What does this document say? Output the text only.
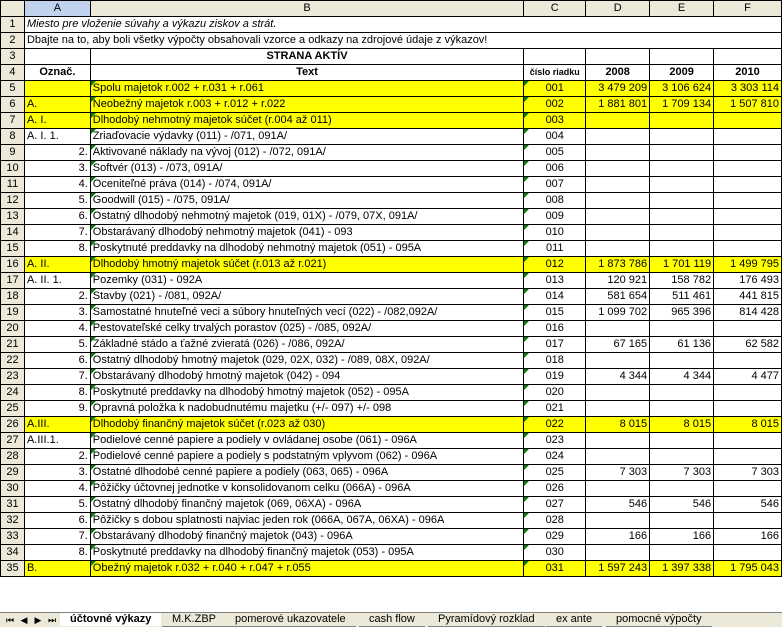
	A	B	C	D	E	F
1	Miesto pre vloženie súvahy a výkazu ziskov a strát.					
2	Dbajte na to, aby boli všetky výpočty obsahovali vzorce a odkazy na zdrojové údaje z výkazov!					
3		STRANA AKTÍV				
4	Označ.	Text	číslo riadku	2008	2009	2010
5		Spolu majetok r.002 + r.031 + r.061	001	3 479 209	3 106 624	3 303 114
6	A.	Neobežný majetok r.003 + r.012 + r.022	002	1 881 801	1 709 134	1 507 810
7	A. I.	Dlhodobý nehmotný majetok súčet (r.004 až 011)	003			
8	A. I. 1.	Zriaďovacie výdavky (011) - /071, 091A/	004			
9	2.	Aktivované náklady na vývoj (012) - /072, 091A/	005			
10	3.	Softvér (013) - /073, 091A/	006			
11	4.	Oceniteľné práva (014) - /074, 091A/	007			
12	5.	Goodwill (015) - /075, 091A/	008			
13	6.	Ostatný dlhodobý nehmotný majetok (019, 01X) - /079, 07X, 091A/	009			
14	7.	Obstarávaný dlhodobý nehmotný majetok (041) - 093	010			
15	8.	Poskytnuté preddavky na dlhodobý nehmotný majetok (051) - 095A	011			
16	A. II.	Dlhodobý hmotný majetok súčet (r.013 až r.021)	012	1 873 786	1 701 119	1 499 795
17	A. II. 1.	Pozemky (031) - 092A	013	120 921	158 782	176 493
18	2.	Stavby (021) - /081, 092A/	014	581 654	511 461	441 815
19	3.	Samostatné hnuteľné veci a súbory hnuteľných vecí (022) - /082,092A/	015	1 099 702	965 396	814 428
20	4.	Pestovateľské celky trvalých porastov (025) - /085, 092A/	016			
21	5.	Základné stádo a ťažné zvieratá (026) - /086, 092A/	017	67 165	61 136	62 582
22	6.	Ostatný dlhodobý hmotný majetok (029, 02X, 032) - /089, 08X, 092A/	018			
23	7.	Obstarávaný dlhodobý hmotný majetok (042) - 094	019	4 344	4 344	4 477
24	8.	Poskytnuté preddavky na dlhodobý hmotný majetok (052) - 095A	020			
25	9.	Opravná položka k nadobudnutému majetku (+/- 097) +/- 098	021			
26	A.III.	Dlhodobý finančný majetok súčet (r.023 až 030)	022	8 015	8 015	8 015
27	A.III.1.	Podielové cenné papiere a podiely v ovládanej osobe (061) - 096A	023			
28	2.	Podielové cenné papiere a podiely s podstatným vplyvom (062) - 096A	024			
29	3.	Ostatné dlhodobé cenné papiere a podiely (063, 065) - 096A	025	7 303	7 303	7 303
30	4.	Pôžičky účtovnej jednotke v konsolidovanom celku (066A) - 096A	026			
31	5.	Ostatný dlhodobý finančný majetok (069, 06XA) - 096A	027	546	546	546
32	6.	Pôžičky s dobou splatnosti najviac jeden rok (066A, 067A, 06XA) - 096A	028			
33	7.	Obstarávaný dlhodobý finančný majetok (043) - 096A	029	166	166	166
34	8.	Poskytnuté preddavky na dlhodobý finančný majetok (053) - 095A	030			
35	B.	Obežný majetok r.032 + r.040 + r.047 + r.055	031	1 597 243	1 397 338	1 795 043
⏮ ◀ ▶ ⏭	účtovné výkazy	M.K.ZBP	pomerové ukazovatele	cash flow	Pyramídový rozklad	ex ante	pomocné výpočty
